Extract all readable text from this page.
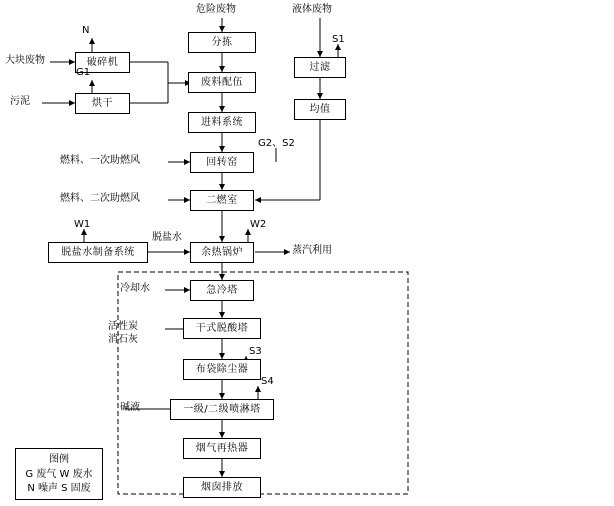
危险废物
分拣
废料配伍
进料系统
回转窑
二燃室
余热锅炉
急冷塔
干式脱酸塔
布袋除尘器
一级/二级喷淋塔
烟气再热器
烟囱排放
大块废物
污泥
破碎机
烘干
N
G1
液体废物
过滤
均值
S1
G2、S2
燃料、一次助燃风
燃料、二次助燃风
脱盐水制备系统
脱盐水
W1	W2
蒸汽利用
冷却水
活性炭
消石灰
碱液
S3
S4
图例
G 废气 W 废水
N 噪声 S 固废
